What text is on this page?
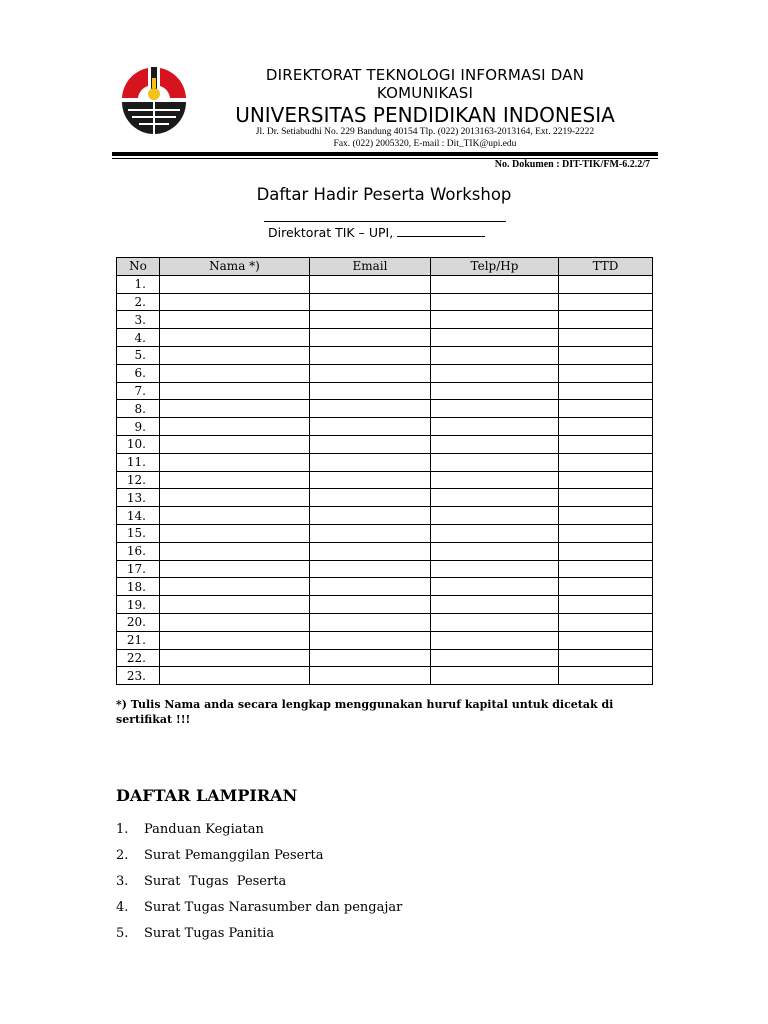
DIREKTORAT TEKNOLOGI INFORMASI DAN
KOMUNIKASI
UNIVERSITAS PENDIDIKAN INDONESIA
Jl. Dr. Setiabudhi No. 229 Bandung 40154 Tlp. (022) 2013163-2013164, Ext. 2219-2222
Fax. (022) 2005320, E-mail : Dit_TIK@upi.edu
No. Dokumen : DIT-TIK/FM-6.2.2/7
Daftar Hadir Peserta Workshop
Direktorat TIK – UPI,
No	Nama *)	Email	Telp/Hp	TTD
1.				
2.				
3.				
4.				
5.				
6.				
7.				
8.				
9.				
10.				
11.				
12.				
13.				
14.				
15.				
16.				
17.				
18.				
19.				
20.				
21.				
22.				
23.				
*) Tulis Nama anda secara lengkap menggunakan huruf kapital untuk dicetak di sertifikat !!!
DAFTAR LAMPIRAN
1. Panduan Kegiatan
2. Surat Pemanggilan Peserta
3. Surat  Tugas  Peserta
4. Surat Tugas Narasumber dan pengajar
5. Surat Tugas Panitia
